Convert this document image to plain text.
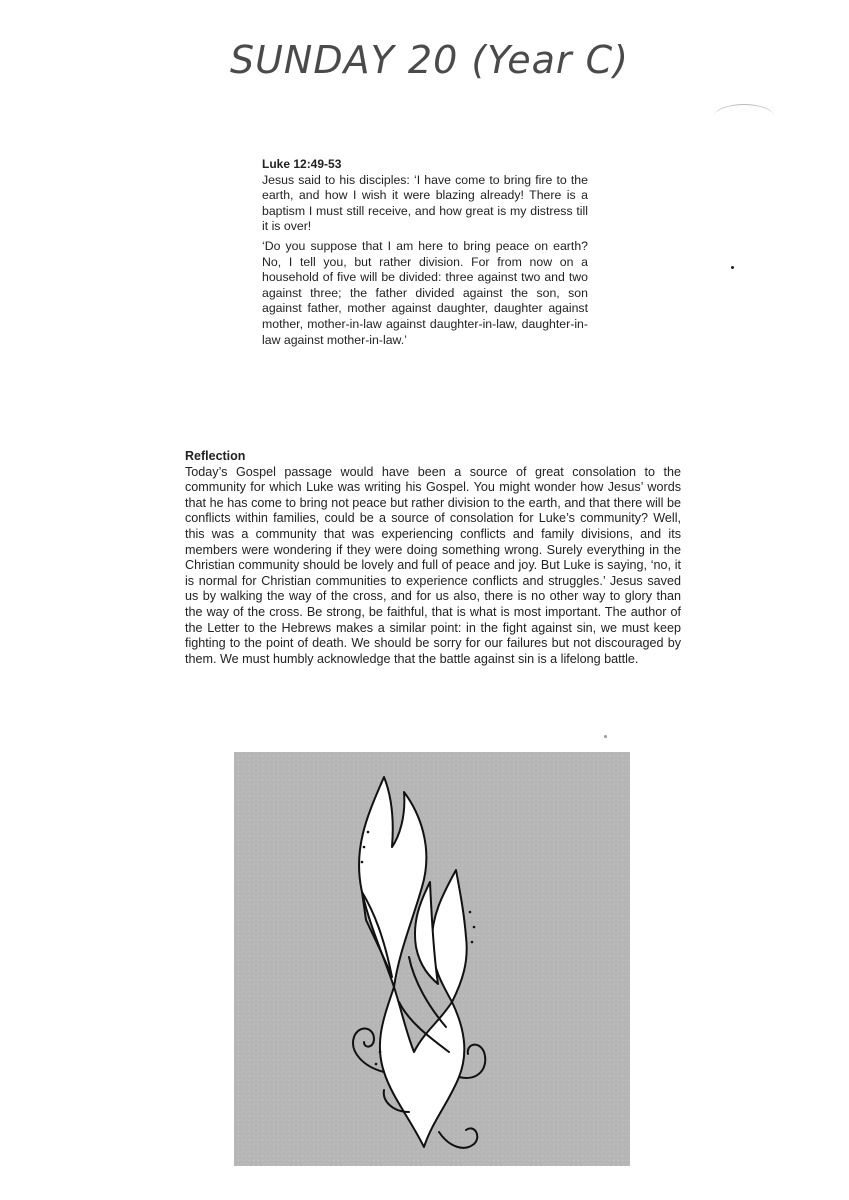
SUNDAY 20 (Year C)
Luke 12:49-53

Jesus said to his disciples: ‘I have come to bring fire to the earth, and how I wish it were blazing already! There is a baptism I must still receive, and how great is my distress till it is over!

‘Do you suppose that I am here to bring peace on earth? No, I tell you, but rather division. For from now on a household of five will be divided: three against two and two against three; the father divided against the son, son against father, mother against daughter, daughter against mother, mother-in-law against daughter-in-law, daughter-in-law against mother-in-law.’

Reflection

Today’s Gospel passage would have been a source of great consolation to the community for which Luke was writing his Gospel. You might wonder how Jesus’ words that he has come to bring not peace but rather division to the earth, and that there will be conflicts within families, could be a source of consolation for Luke’s community? Well, this was a community that was experiencing conflicts and family divisions, and its members were wondering if they were doing something wrong. Surely everything in the Christian community should be lovely and full of peace and joy. But Luke is saying, ‘no, it is normal for Christian communities to experience conflicts and struggles.’ Jesus saved us by walking the way of the cross, and for us also, there is no other way to glory than the way of the cross. Be strong, be faithful, that is what is most important. The author of the Letter to the Hebrews makes a similar point: in the fight against sin, we must keep fighting to the point of death. We should be sorry for our failures but not discouraged by them. We must humbly acknowledge that the battle against sin is a lifelong battle.
